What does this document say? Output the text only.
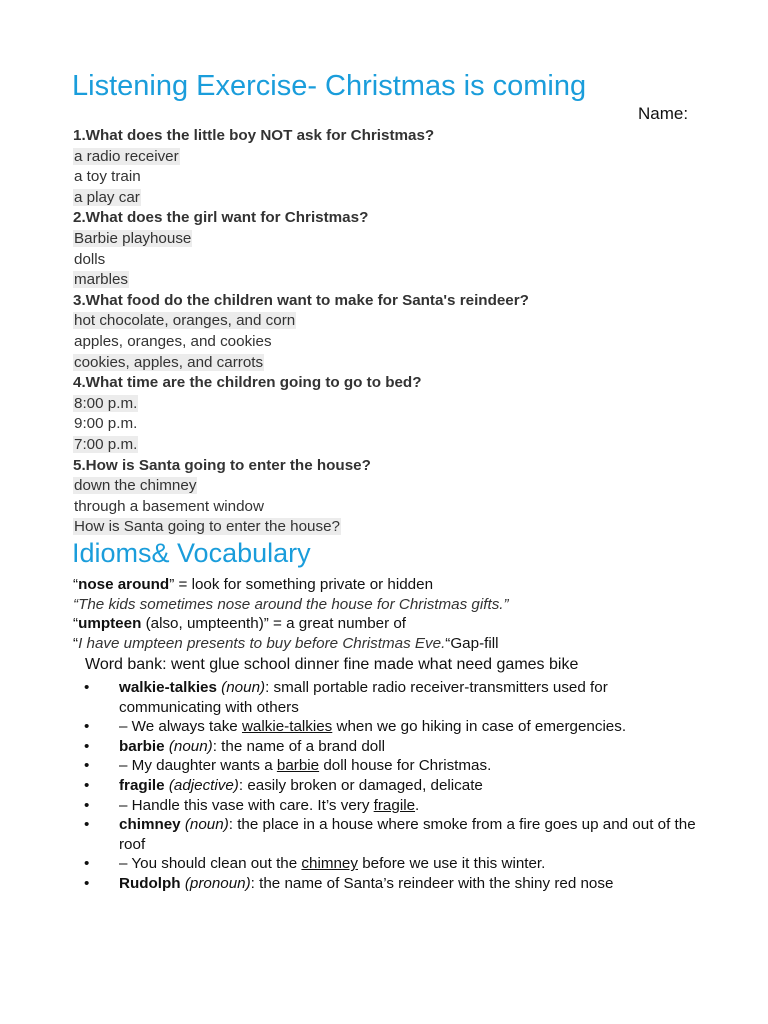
Listening Exercise- Christmas is coming
Name:
1.What does the little boy NOT ask for Christmas?
a radio receiver
a toy train
a play car
2.What does the girl want for Christmas?
Barbie playhouse
dolls
marbles
3.What food do the children want to make for Santa's reindeer?
hot chocolate, oranges, and corn
apples, oranges, and cookies
cookies, apples, and carrots
4.What time are the children going to go to bed?
8:00 p.m.
9:00 p.m.
7:00 p.m.
5.How is Santa going to enter the house?
down the chimney
through a basement window
How is Santa going to enter the house?
Idioms& Vocabulary
“nose around” = look for something private or hidden
“The kids sometimes nose around the house for Christmas gifts.”
“umpteen (also, umpteenth)” = a great number of
“I have umpteen presents to buy before Christmas Eve.“Gap-fill
Word bank: went glue school dinner fine made what need games bike
•	walkie-talkies (noun): small portable radio receiver-transmitters used for communicating with others
•	– We always take walkie-talkies when we go hiking in case of emergencies.
•	barbie (noun): the name of a brand doll
•	– My daughter wants a barbie doll house for Christmas.
•	fragile (adjective): easily broken or damaged, delicate
•	– Handle this vase with care. It’s very fragile.
•	chimney (noun): the place in a house where smoke from a fire goes up and out of the roof
•	– You should clean out the chimney before we use it this winter.
•	Rudolph (pronoun): the name of Santa’s reindeer with the shiny red nose
